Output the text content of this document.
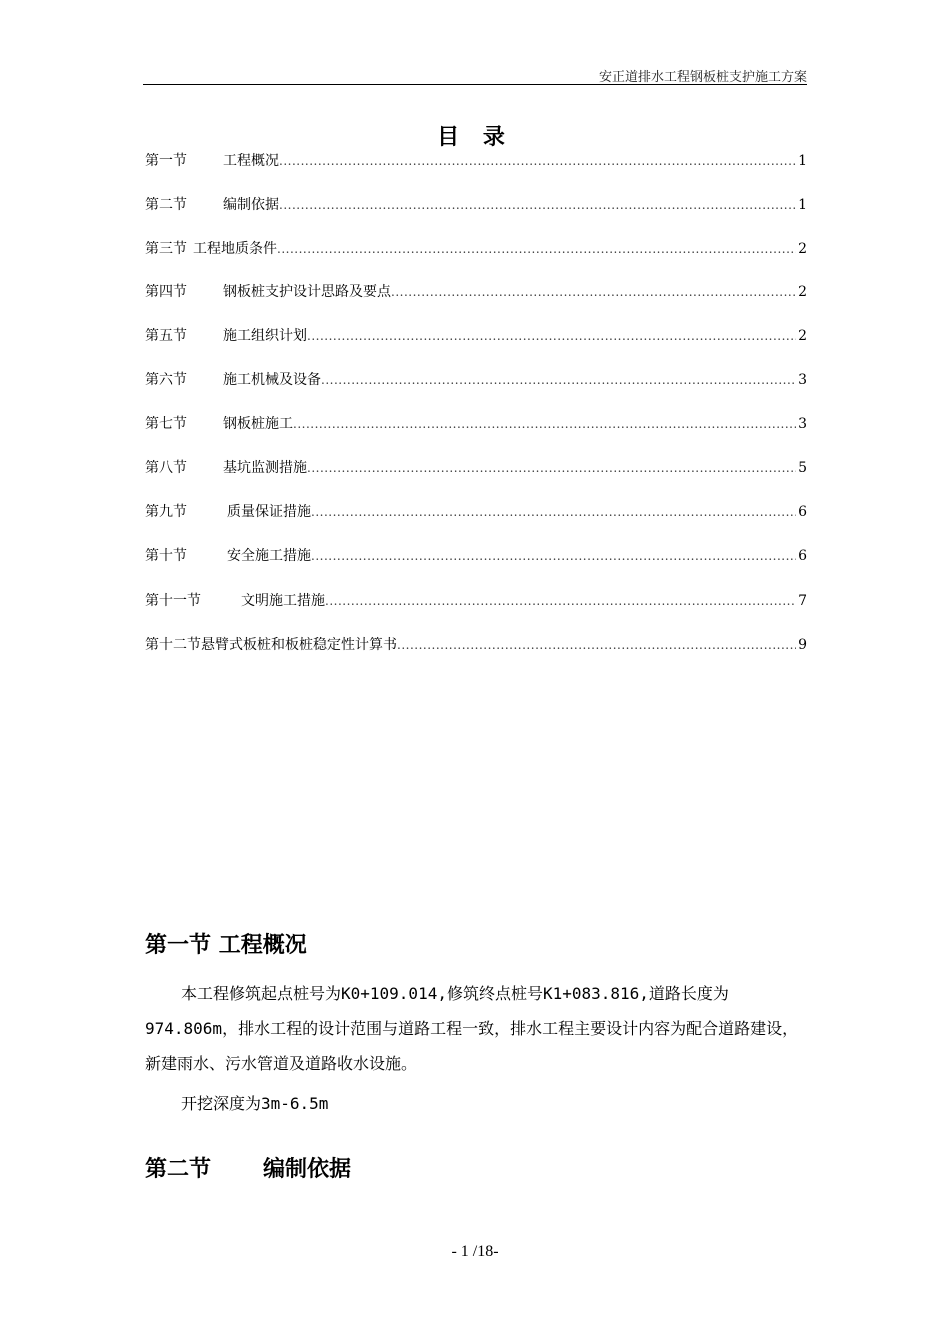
安正道排水工程钢板桩支护施工方案
目 录
第一节	工程概况 .....	1
第二节	编制依据 .....	1
第三节 工程地质条件 .....	2
第四节	钢板桩支护设计思路及要点 .....	2
第五节	施工组织计划 .....	2
第六节	施工机械及设备 .....	3
第七节	钢板桩施工 .....	3
第八节	基坑监测措施 .....	5
第九节	质量保证措施 .....	6
第十节	安全施工措施 .....	6
第十一节	文明施工措施 .....	7
第十二节 悬臂式板桩和板桩稳定性计算书 .....	9
第一节 工程概况
本工程修筑起点桩号为K0+109.014,修筑终点桩号K1+083.816,道路长度为974.806m，排水工程的设计范围与道路工程一致，排水工程主要设计内容为配合道路建设，新建雨水、污水管道及道路收水设施。
开挖深度为3m-6.5m
第二节 编制依据
- 1 /18-
